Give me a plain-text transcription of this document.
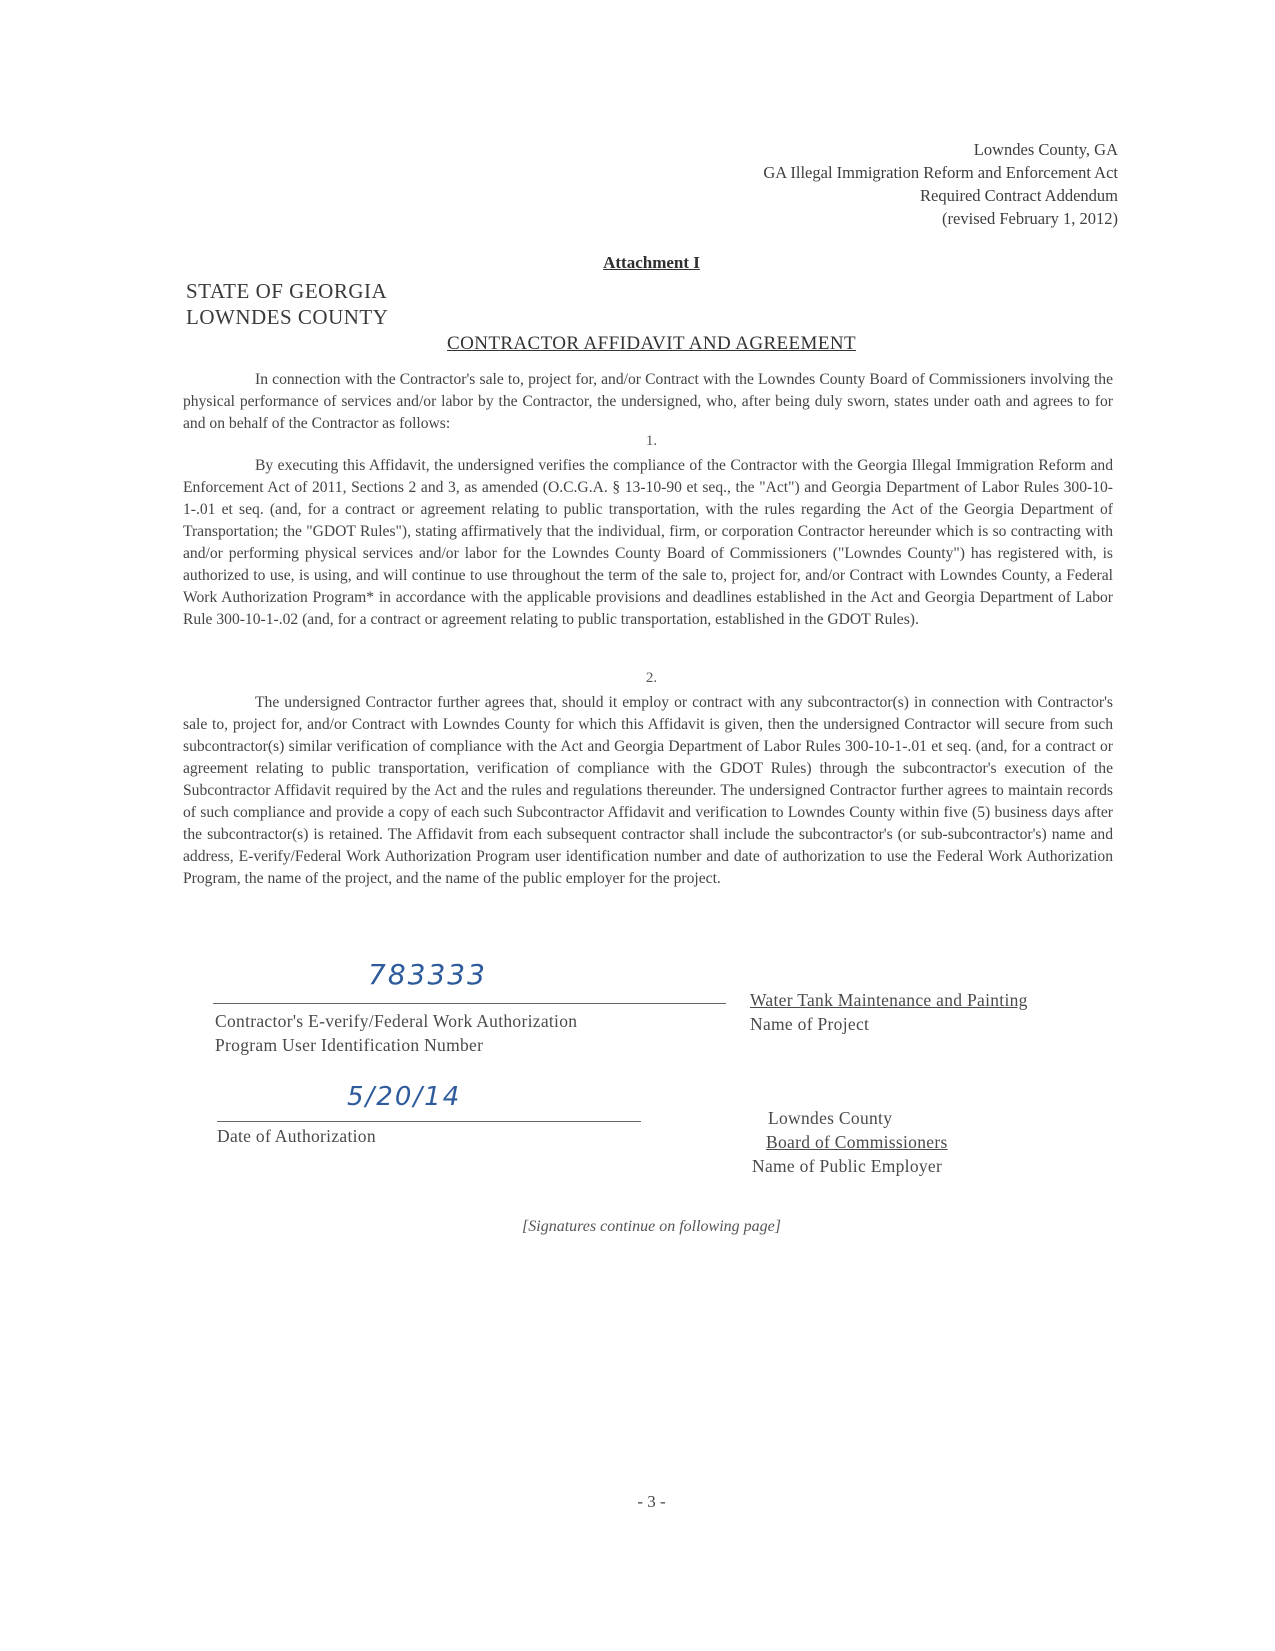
Lowndes County, GA
GA Illegal Immigration Reform and Enforcement Act
Required Contract Addendum
(revised February 1, 2012)
Attachment I
STATE OF GEORGIA
LOWNDES COUNTY
CONTRACTOR AFFIDAVIT AND AGREEMENT

In connection with the Contractor's sale to, project for, and/or Contract with the Lowndes County Board of Commissioners involving the physical performance of services and/or labor by the Contractor, the undersigned, who, after being duly sworn, states under oath and agrees to for and on behalf of the Contractor as follows:

1.

By executing this Affidavit, the undersigned verifies the compliance of the Contractor with the Georgia Illegal Immigration Reform and Enforcement Act of 2011, Sections 2 and 3, as amended (O.C.G.A. § 13-10-90 et seq., the "Act") and Georgia Department of Labor Rules 300-10-1-.01 et seq. (and, for a contract or agreement relating to public transportation, with the rules regarding the Act of the Georgia Department of Transportation; the "GDOT Rules"), stating affirmatively that the individual, firm, or corporation Contractor hereunder which is so contracting with and/or performing physical services and/or labor for the Lowndes County Board of Commissioners ("Lowndes County") has registered with, is authorized to use, is using, and will continue to use throughout the term of the sale to, project for, and/or Contract with Lowndes County, a Federal Work Authorization Program* in accordance with the applicable provisions and deadlines established in the Act and Georgia Department of Labor Rule 300-10-1-.02 (and, for a contract or agreement relating to public transportation, established in the GDOT Rules).

2.

The undersigned Contractor further agrees that, should it employ or contract with any subcontractor(s) in connection with Contractor's sale to, project for, and/or Contract with Lowndes County for which this Affidavit is given, then the undersigned Contractor will secure from such subcontractor(s) similar verification of compliance with the Act and Georgia Department of Labor Rules 300-10-1-.01 et seq. (and, for a contract or agreement relating to public transportation, verification of compliance with the GDOT Rules) through the subcontractor's execution of the Subcontractor Affidavit required by the Act and the rules and regulations thereunder. The undersigned Contractor further agrees to maintain records of such compliance and provide a copy of each such Subcontractor Affidavit and verification to Lowndes County within five (5) business days after the subcontractor(s) is retained. The Affidavit from each subsequent contractor shall include the subcontractor's (or sub-subcontractor's) name and address, E-verify/Federal Work Authorization Program user identification number and date of authorization to use the Federal Work Authorization Program, the name of the project, and the name of the public employer for the project.

783333
Contractor's E-verify/Federal Work Authorization
Program User Identification Number
Water Tank Maintenance and Painting
Name of Project
5/20/14
Date of Authorization
Lowndes County
Board of Commissioners
Name of Public Employer
[Signatures continue on following page]
- 3 -
